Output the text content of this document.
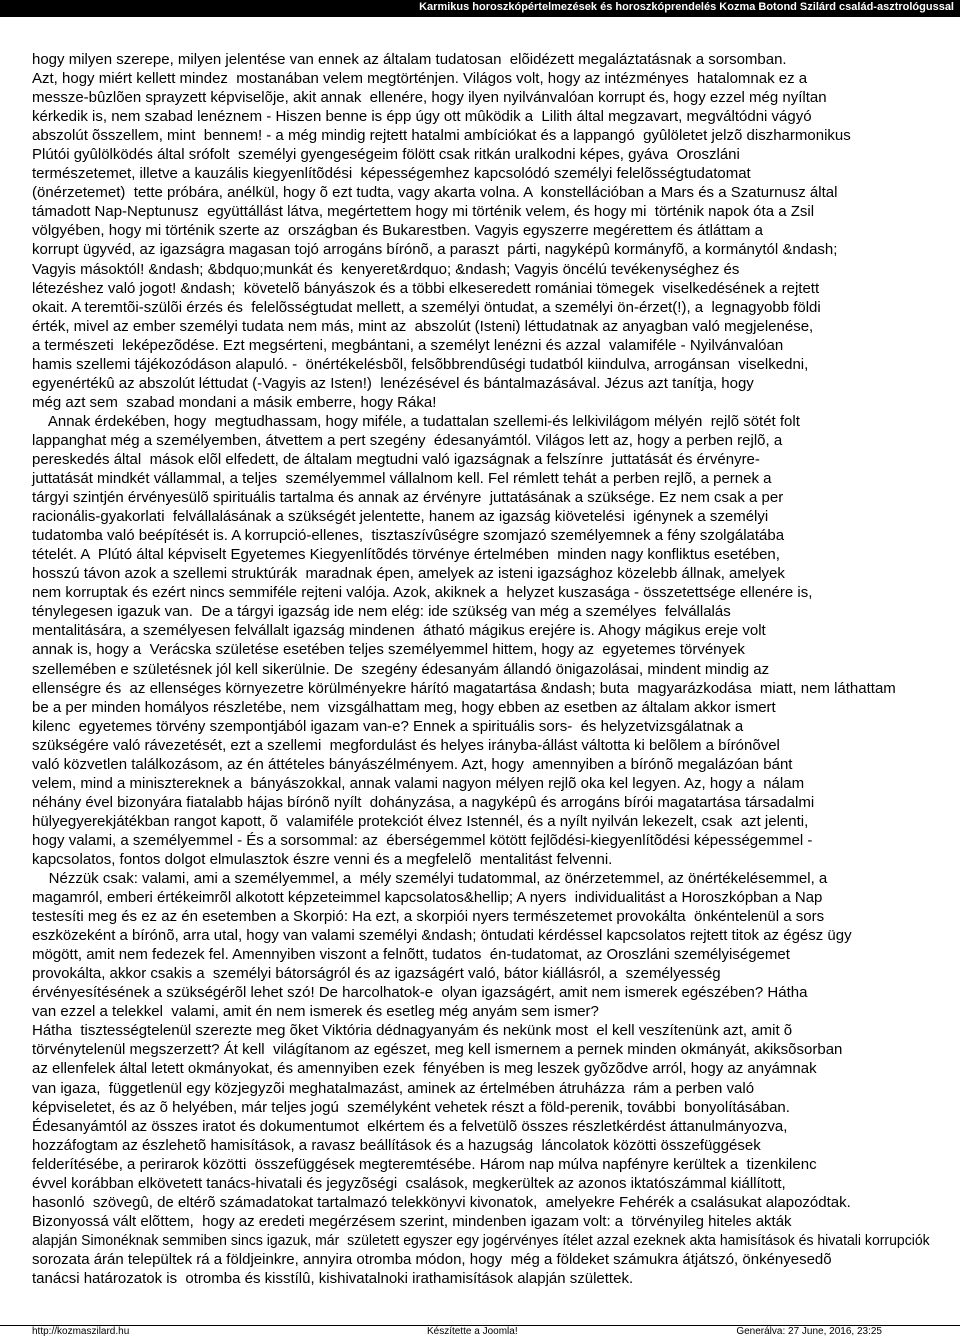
Karmikus horoszkópértelmezések és horoszkóprendelés Kozma Botond Szilárd család-asztrológussal
hogy milyen szerepe, milyen jelentése van ennek az általam tudatosan  elõidézett megaláztatásnak a sorsomban.
Azt, hogy miért kellett mindez  mostanában velem megtörténjen. Világos volt, hogy az intézményes  hatalomnak ez a
messze-bûzlõen sprayzett képviselõje, akit annak  ellenére, hogy ilyen nyilvánvalóan korrupt és, hogy ezzel még nyíltan
kérkedik is, nem szabad lenéznem - Hiszen benne is épp úgy ott mûködik a  Lilith által megzavart, megváltódni vágyó
abszolút õsszellem, mint  bennem! - a még mindig rejtett hatalmi ambíciókat és a lappangó  gyûlöletet jelzõ diszharmonikus
Plútói gyûlölködés által srófolt  személyi gyengeségeim fölött csak ritkán uralkodni képes, gyáva  Oroszláni
természetemet, illetve a kauzális kiegyenlítõdési  képességemhez kapcsolódó személyi felelõsségtudatomat
(önérzetemet)  tette próbára, anélkül, hogy õ ezt tudta, vagy akarta volna. A  konstellációban a Mars és a Szaturnusz által
támadott Nap-Neptunusz  együttállást látva, megértettem hogy mi történik velem, és hogy mi  történik napok óta a Zsil
völgyében, hogy mi történik szerte az  országban és Bukarestben. Vagyis egyszerre megérettem és átláttam a
korrupt ügyvéd, az igazságra magasan tojó arrogáns bírónõ, a paraszt  párti, nagyképû kormányfõ, a kormánytól &ndash;
Vagyis másoktól! &ndash; &bdquo;munkát és  kenyeret&rdquo; &ndash; Vagyis öncélú tevékenységhez és
létezéshez való jogot! &ndash;  követelõ bányászok és a többi elkeseredett romániai tömegek  viselkedésének a rejtett
okait. A teremtõi-szülõi érzés és  felelõsségtudat mellett, a személyi öntudat, a személyi ön-érzet(!), a  legnagyobb földi
érték, mivel az ember személyi tudata nem más, mint az  abszolút (Isteni) léttudatnak az anyagban való megjelenése,
a természeti  leképezõdése. Ezt megsérteni, megbántani, a személyt lenézni és azzal  valamiféle - Nyilvánvalóan
hamis szellemi tájékozódáson alapuló. -  önértékelésbõl, felsõbbrendûségi tudatból kiindulva, arrogánsan  viselkedni,
egyenértékû az abszolút léttudat (-Vagyis az Isten!)  lenézésével és bántalmazásával. Jézus azt tanítja, hogy
még azt sem  szabad mondani a másik emberre, hogy Ráka!
Annak érdekében, hogy  megtudhassam, hogy miféle, a tudattalan szellemi-és lelkivilágom mélyén  rejlõ sötét folt
lappanghat még a személyemben, átvettem a pert szegény  édesanyámtól. Világos lett az, hogy a perben rejlõ, a
pereskedés által  mások elõl elfedett, de általam megtudni való igazságnak a felszínre  juttatását és érvényre-
juttatását mindkét vállammal, a teljes  személyemmel vállalnom kell. Fel rémlett tehát a perben rejlõ, a pernek a
tárgyi szintjén érvényesülõ spirituális tartalma és annak az érvényre  juttatásának a szüksége. Ez nem csak a per
racionális-gyakorlati  felvállalásának a szükségét jelentette, hanem az igazság kiövetelési  igénynek a személyi
tudatomba való beépítését is. A korrupció-ellenes,  tisztaszívûségre szomjazó személyemnek a fény szolgálatába
tételét. A  Plútó által képviselt Egyetemes Kiegyenlítõdés törvénye értelmében  minden nagy konfliktus esetében,
hosszú távon azok a szellemi struktúrák  maradnak épen, amelyek az isteni igazsághoz közelebb állnak, amelyek
nem korruptak és ezért nincs semmiféle rejteni valója. Azok, akiknek a  helyzet kuszasága - összetettsége ellenére is,
ténylegesen igazuk van.  De a tárgyi igazság ide nem elég: ide szükség van még a személyes  felvállalás
mentalitására, a személyesen felvállalt igazság mindenen  átható mágikus erejére is. Ahogy mágikus ereje volt
annak is, hogy a  Verácska születése esetében teljes személyemmel hittem, hogy az  egyetemes törvények
szellemében e születésnek jól kell sikerülnie. De  szegény édesanyám állandó önigazolásai, mindent mindig az
ellenségre és  az ellenséges környezetre körülményekre hárító magatartása &ndash; buta  magyarázkodása  miatt, nem láthattam
be a per minden homályos részletébe, nem  vizsgálhattam meg, hogy ebben az esetben az általam akkor ismert
kilenc  egyetemes törvény szempontjából igazam van-e? Ennek a spirituális sors-  és helyzetvizsgálatnak a
szükségére való rávezetését, ezt a szellemi  megfordulást és helyes irányba-állást váltotta ki belõlem a bírónõvel
való közvetlen találkozásom, az én áttételes bányászélményem. Azt, hogy  amennyiben a bírónõ megalázóan bánt
velem, mind a minisztereknek a  bányászokkal, annak valami nagyon mélyen rejlõ oka kel legyen. Az, hogy a  nálam
néhány ével bizonyára fiatalabb hájas bírónõ nyílt  dohányzása, a nagyképû és arrogáns bírói magatartása társadalmi
hülyegyerekjátékban rangot kapott, õ  valamiféle protekciót élvez Istennél, és a nyílt nyilván lekezelt, csak  azt jelenti,
hogy valami, a személyemmel - És a sorsommal: az  éberségemmel kötött fejlõdési-kiegyenlítõdési képességemmel -
kapcsolatos, fontos dolgot elmulasztok észre venni és a megfelelõ  mentalitást felvenni.
Nézzük csak: valami, ami a személyemmel, a  mély személyi tudatommal, az önérzetemmel, az önértékelésemmel, a
magamról, emberi értékeimrõl alkotott képzeteimmel kapcsolatos&hellip; A nyers  individualitást a Horoszkópban a Nap
testesíti meg és ez az én esetemben a Skorpió: Ha ezt, a skorpiói nyers természetemet provokálta  önkéntelenül a sors
eszközeként a bírónõ, arra utal, hogy van valami személyi &ndash; öntudati kérdéssel kapcsolatos rejtett titok az égész ügy
mögött, amit nem fedezek fel. Amennyiben viszont a felnõtt, tudatos  én-tudatomat, az Oroszláni személyiségemet
provokálta, akkor csakis a  személyi bátorságról és az igazságért való, bátor kiállásról, a  személyesség
érvényesítésének a szükségérõl lehet szó! De harcolhatok-e  olyan igazságért, amit nem ismerek egészében? Hátha
van ezzel a telekkel  valami, amit én nem ismerek és esetleg még anyám sem ismer?
Hátha  tisztességtelenül szerezte meg õket Viktória dédnagyanyám és nekünk most  el kell veszítenünk azt, amit õ
törvénytelenül megszerzett? Át kell  világítanom az egészet, meg kell ismernem a pernek minden okmányát, akiksõsorban
az ellenfelek által letett okmányokat, és amennyiben ezek  fényében is meg leszek gyõzõdve arról, hogy az anyámnak
van igaza,  függetlenül egy közjegyzõi meghatalmazást, aminek az értelmében átruházza  rám a perben való
képviseletet, és az õ helyében, már teljes jogú  személyként vehetek részt a föld-perenik, további  bonyolításában.
Édesanyámtól az összes iratot és dokumentumot  elkértem és a felvetülõ összes részletkérdést áttanulmányozva,
hozzáfogtam az észlehetõ hamisítások, a ravasz beállítások és a hazugság  láncolatok közötti összefüggések
felderítésébe, a perirarok közötti  összefüggések megteremtésébe. Három nap múlva napfényre kerültek a  tizenkilenc
évvel korábban elkövetett tanács-hivatali és jegyzõségi  csalások, megkerültek az azonos iktatószámmal kiállított,
hasonló  szövegû, de eltérõ számadatokat tartalmazó telekkönyvi kivonatok,  amelyekre Fehérék a csalásukat alapozódtak.
Bizonyossá vált elõttem,  hogy az eredeti megérzésem szerint, mindenben igazam volt: a  törvényileg hiteles akták
alapján Simonéknak semmiben sincs igazuk, már  született egyszer egy jogérvényes ítélet azzal ezeknek akta hamisítások és hivatali korrupciók
sorozata árán települtek rá a földjeinkre, annyira otromba módon, hogy  még a földeket számukra átjátszó, önkényesedõ
tanácsi határozatok is  otromba és kisstílû, kishivatalnoki irathamisítások alapján születtek.
http://kozmaszilard.hu	Készítette a Joomla!	Generálva: 27 June, 2016, 23:25
